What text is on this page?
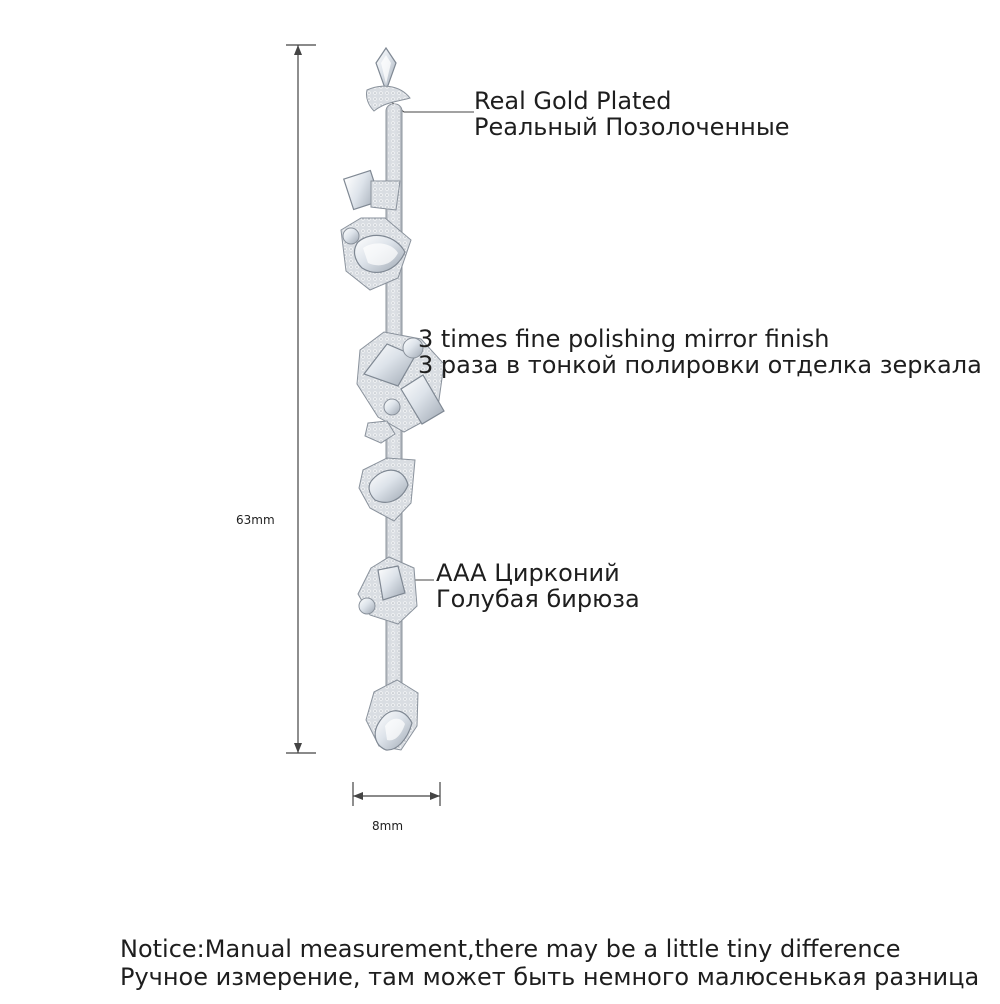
Real Gold Plated
Реальный Позолоченные
3 times fine polishing mirror finish
3 раза в тонкой полировки отделка зеркала
AAA Цирконий
Голубая бирюза
63mm
8mm
Notice:Manual measurement,there may be a little tiny difference
Ручное измерение, там может быть немного малюсенькая разница
